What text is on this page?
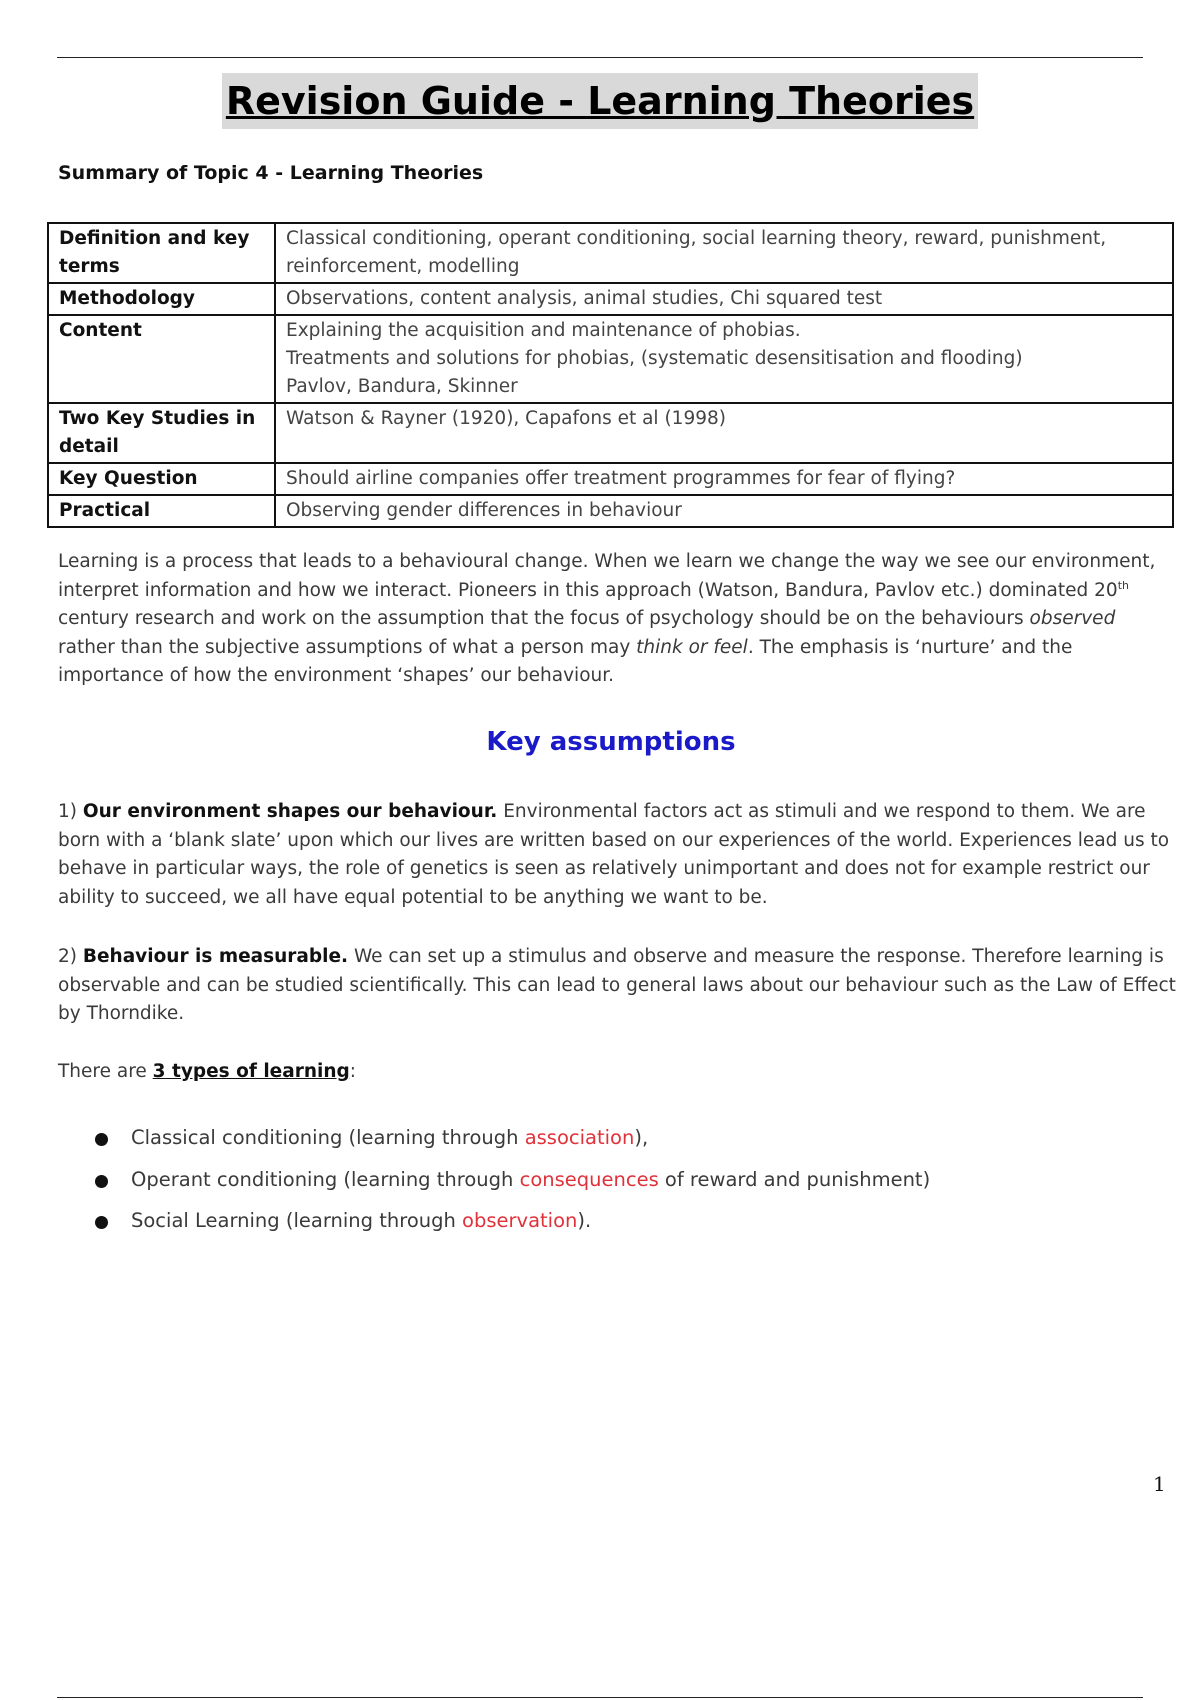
Revision Guide - Learning Theories
Summary of Topic 4 - Learning Theories
Definition and key terms	Classical conditioning, operant conditioning, social learning theory, reward, punishment,
reinforcement, modelling

Methodology	Observations, content analysis, animal studies, Chi squared test

Content	Explaining the acquisition and maintenance of phobias.
Treatments and solutions for phobias, (systematic desensitisation and flooding)
Pavlov, Bandura, Skinner

Two Key Studies in detail	Watson & Rayner (1920), Capafons et al (1998)

Key Question	Should airline companies offer treatment programmes for fear of flying?

Practical	Observing gender differences in behaviour
Learning is a process that leads to a behavioural change. When we learn we change the way we see our environment, interpret information and how we interact. Pioneers in this approach (Watson, Bandura, Pavlov etc.) dominated 20th century research and work on the assumption that the focus of psychology should be on the behaviours observed rather than the subjective assumptions of what a person may think or feel. The emphasis is ‘nurture’ and the importance of how the environment ‘shapes’ our behaviour.
Key assumptions
1) Our environment shapes our behaviour. Environmental factors act as stimuli and we respond to them. We are born with a ‘blank slate’ upon which our lives are written based on our experiences of the world. Experiences lead us to behave in particular ways, the role of genetics is seen as relatively unimportant and does not for example restrict our ability to succeed, we all have equal potential to be anything we want to be.
2) Behaviour is measurable. We can set up a stimulus and observe and measure the response. Therefore learning is observable and can be studied scientifically. This can lead to general laws about our behaviour such as the Law of Effect by Thorndike.
There are 3 types of learning:
Classical conditioning (learning through association),
Operant conditioning (learning through consequences of reward and punishment)
Social Learning (learning through observation).
1
